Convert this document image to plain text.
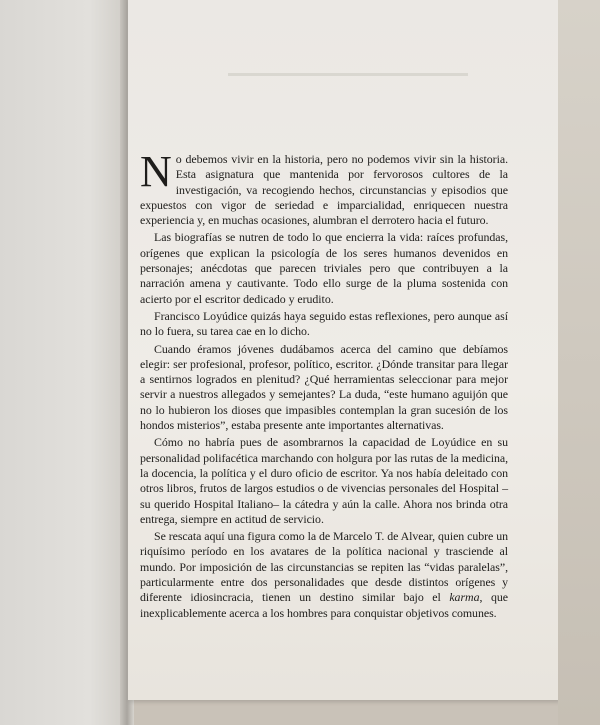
No debemos vivir en la historia, pero no podemos vivir sin la historia. Esta asignatura que mantenida por fervorosos cultores de la investigación, va recogiendo hechos, circunstancias y episodios que expuestos con vigor de seriedad e imparcialidad, enriquecen nuestra experiencia y, en muchas ocasiones, alumbran el derrotero hacia el futuro.

Las biografías se nutren de todo lo que encierra la vida: raíces profundas, orígenes que explican la psicología de los seres humanos devenidos en personajes; anécdotas que parecen triviales pero que contribuyen a la narración amena y cautivante. Todo ello surge de la pluma sostenida con acierto por el escritor dedicado y erudito.

Francisco Loyúdice quizás haya seguido estas reflexiones, pero aunque así no lo fuera, su tarea cae en lo dicho.

Cuando éramos jóvenes dudábamos acerca del camino que debíamos elegir: ser profesional, profesor, político, escritor. ¿Dónde transitar para llegar a sentirnos logrados en plenitud? ¿Qué herramientas seleccionar para mejor servir a nuestros allegados y semejantes? La duda, “este humano aguijón que no lo hubieron los dioses que impasibles contemplan la gran sucesión de los hondos misterios”, estaba presente ante importantes alternativas.

Cómo no habría pues de asombrarnos la capacidad de Loyúdice en su personalidad polifacética marchando con holgura por las rutas de la medicina, la docencia, la política y el duro oficio de escritor. Ya nos había deleitado con otros libros, frutos de largos estudios o de vivencias personales del Hospital –su querido Hospital Italiano– la cátedra y aún la calle. Ahora nos brinda otra entrega, siempre en actitud de servicio.

Se rescata aquí una figura como la de Marcelo T. de Alvear, quien cubre un riquísimo período en los avatares de la política nacional y trasciende al mundo. Por imposición de las circunstancias se repiten las “vidas paralelas”, particularmente entre dos personalidades que desde distintos orígenes y diferente idiosincracia, tienen un destino similar bajo el karma, que inexplicablemente acerca a los hombres para conquistar objetivos comunes.
